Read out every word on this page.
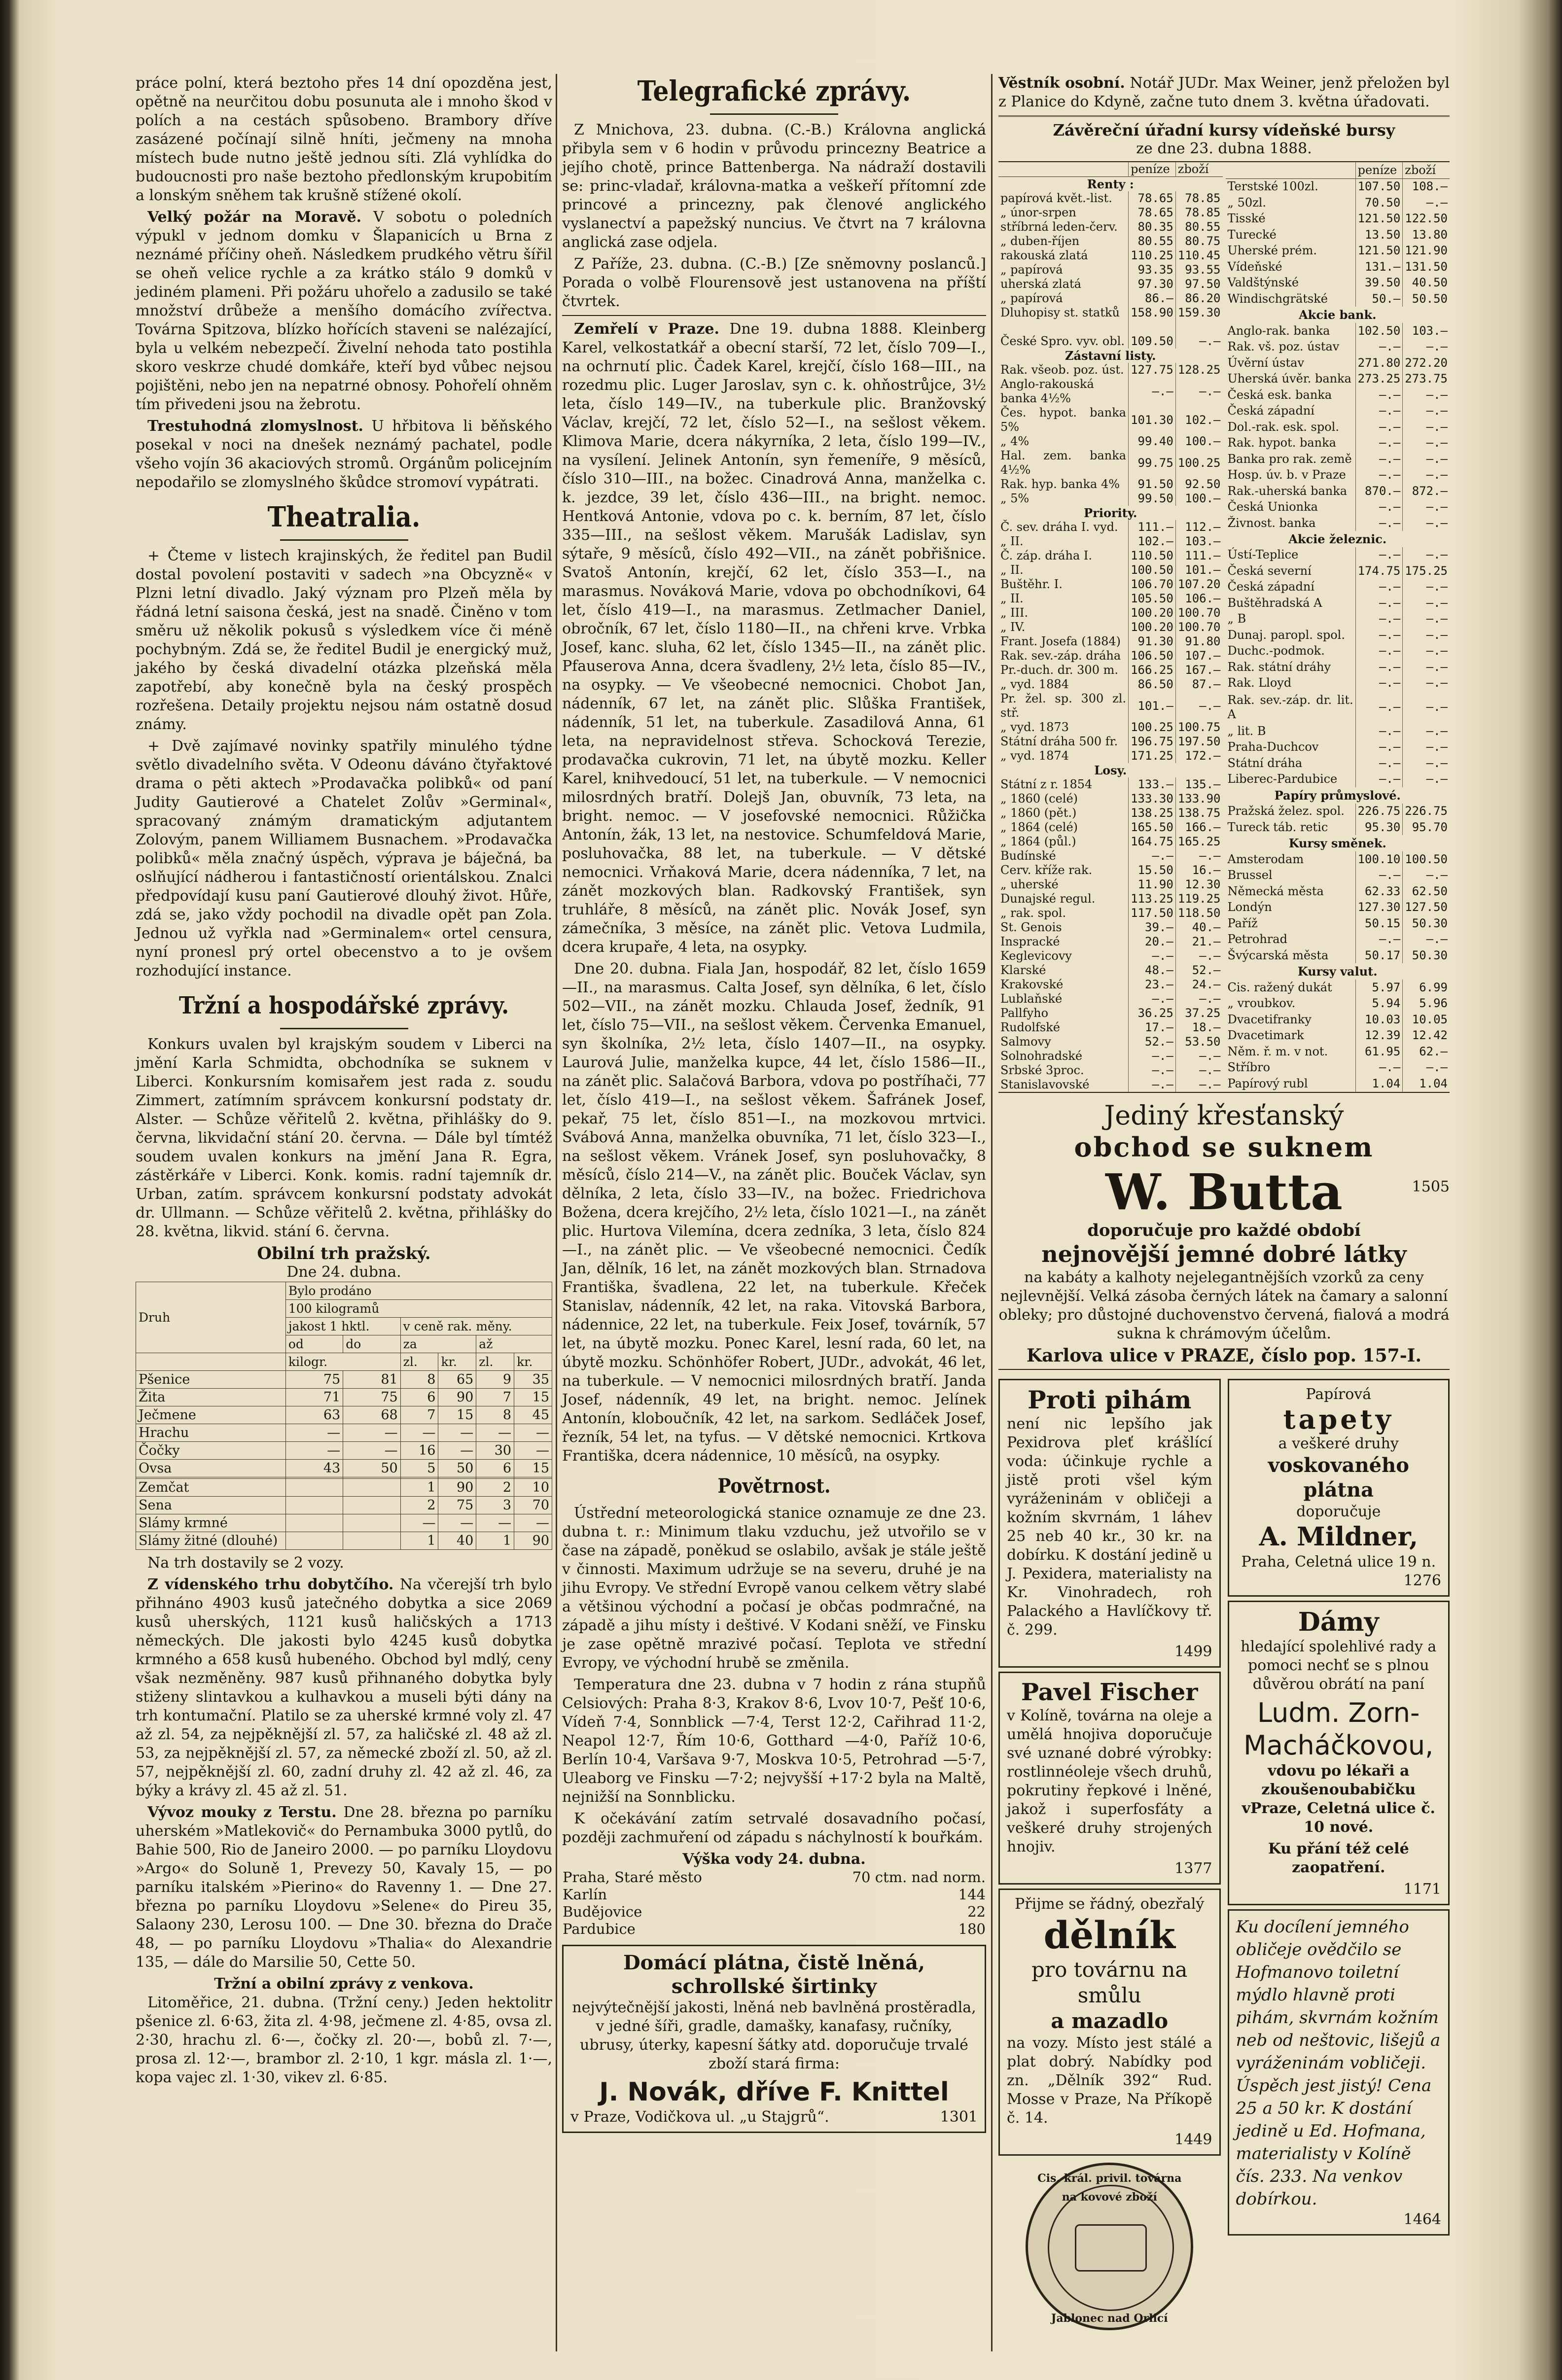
práce polní, která beztoho přes 14 dní opozděna jest, opětně na neurčitou dobu posunuta ale i mnoho škod v polích a na cestách spůsobeno. Brambory dříve zasázené počínají silně hníti, ječmeny na mnoha místech bude nutno ještě jednou síti. Zlá vyhlídka do budoucnosti pro naše beztoho předlonským krupobitím a lonským sněhem tak krušně stížené okolí.

Velký požár na Moravě. V sobotu o poledních výpukl v jednom domku v Šlapanicích u Brna z neznámé příčiny oheň. Následkem prudkého větru šířil se oheň velice rychle a za krátko stálo 9 domků v jediném plameni. Při požáru uhořelo a zadusilo se také množství drůbeže a menšího domácího zvířectva. Továrna Spitzova, blízko hořících staveni se nalézající, byla u velkém nebezpečí. Živelní nehoda tato postihla skoro veskrze chudé domkáře, kteří byd vůbec nejsou pojištěni, nebo jen na nepatrné obnosy. Pohořelí ohněm tím přivedeni jsou na žebrotu.

Trestuhodná zlomyslnost. U hřbitova li běňského posekal v noci na dnešek neznámý pachatel, podle všeho vojín 36 akaciových stromů. Orgánům policejním nepodařilo se zlomyslného škůdce stromoví vypátrati.

Theatralia.

+ Čteme v listech krajinských, že ředitel pan Budil dostal povolení postaviti v sadech »na Obcyzně« v Plzni letní divadlo. Jaký význam pro Plzeň měla by řádná letní saisona česká, jest na snadě. Činěno v tom směru už několik pokusů s výsledkem více či méně pochybným. Zdá se, že ředitel Budil je energický muž, jakého by česká divadelní otázka plzeňská měla zapotřebí, aby konečně byla na český prospěch rozřešena. Detaily projektu nejsou nám ostatně dosud známy.

+ Dvě zajímavé novinky spatřily minulého týdne světlo divadelního světa. V Odeonu dáváno čtyřaktové drama o pěti aktech »Prodavačka polibků« od paní Judity Gautierové a Chatelet Zolův »Germinal«, spracovaný známým dramatickým adjutantem Zolovým, panem Williamem Busnachem. »Prodavačka polibků« měla značný úspěch, výprava je báječná, ba oslňující nádherou i fantastičností orientálskou. Znalci předpovídají kusu paní Gautierové dlouhý život. Hůře, zdá se, jako vždy pochodil na divadle opět pan Zola. Jednou už vyřkla nad »Germinalem« ortel censura, nyní pronesl prý ortel obecenstvo a to je ovšem rozhodující instance.

Tržní a hospodářské zprávy.

Konkurs uvalen byl krajským soudem v Liberci na jmění Karla Schmidta, obchodníka se suknem v Liberci. Konkursním komisařem jest rada z. soudu Zimmert, zatímním správcem konkursní podstaty dr. Alster. — Schůze věřitelů 2. května, přihlášky do 9. června, likvidační stání 20. června. — Dále byl tímtéž soudem uvalen konkurs na jmění Jana R. Egra, zástěrkáře v Liberci. Konk. komis. radní tajemník dr. Urban, zatím. správcem konkursní podstaty advokát dr. Ullmann. — Schůze věřitelů 2. května, přihlášky do 28. května, likvid. stání 6. června.

Obilní trh pražský.
Dne 24. dubna.
Druh	Bylo prodáno					
	100 kilogramů					
	jakost 1 hktl.		v ceně rak. měny.			
	od	do	za		až	
	kilogr.		zl.	kr.	zl.	kr.
Pšenice	75	81	8	65	9	35
Žita	71	75	6	90	7	15
Ječmene	63	68	7	15	8	45
Hrachu	—	—	—	—	—	—
Čočky	—	—	16	—	30	—
Ovsa	43	50	5	50	6	15

Zemčat			1	90	2	10
Sena			2	75	3	70
Slámy krmné			—	—	—	—
Slámy žitné (dlouhé)			1	40	1	90

Na trh dostavily se 2 vozy.

Z vídenského trhu dobytčího. Na včerejší trh bylo přihnáno 4903 kusů jatečného dobytka a sice 2069 kusů uherských, 1121 kusů haličských a 1713 německých. Dle jakosti bylo 4245 kusů dobytka krmného a 658 kusů hubeného. Obchod byl mdlý, ceny však nezměněny. 987 kusů přihnaného dobytka byly stiženy slintavkou a kulhavkou a museli býti dány na trh kontumační. Platilo se za uherské krmné voly zl. 47 až zl. 54, za nejpěknější zl. 57, za haličské zl. 48 až zl. 53, za nejpěknější zl. 57, za německé zboží zl. 50, až zl. 57, nejpěknější zl. 60, zadní druhy zl. 42 až zl. 46, za býky a krávy zl. 45 až zl. 51.

Vývoz mouky z Terstu. Dne 28. března po parníku uherském »Matlekovič« do Pernambuka 3000 pytlů, do Bahie 500, Rio de Janeiro 2000. — po parníku Lloydovu »Argo« do Soluně 1, Prevezy 50, Kavaly 15, — po parníku italském »Pierino« do Ravenny 1. — Dne 27. března po parníku Lloydovu »Selene« do Pireu 35, Salaony 230, Lerosu 100. — Dne 30. března do Drače 48, — po parníku Lloydovu »Thalia« do Alexandrie 135, — dále do Marsilie 50, Cette 50.

Tržní a obilní zprávy z venkova.

Litoměřice, 21. dubna. (Tržní ceny.) Jeden hektolitr pšenice zl. 6·63, žita zl. 4·98, ječmene zl. 4·85, ovsa zl. 2·30, hrachu zl. 6·—, čočky zl. 20·—, bobů zl. 7·—, prosa zl. 12·—, brambor zl. 2·10, 1 kgr. másla zl. 1·—, kopa vajec zl. 1·30, vikev zl. 6·85.

Telegrafické zprávy.

Z Mnichova, 23. dubna. (C.-B.) Královna anglická přibyla sem v 6 hodin v průvodu princezny Beatrice a jejího chotě, prince Battenberga. Na nádraží dostavili se: princ-vladař, královna-matka a veškeří přítomní zde princové a princezny, pak členové anglického vyslanectví a papežský nuncius. Ve čtvrt na 7 královna anglická zase odjela.

Z Paříže, 23. dubna. (C.-B.) [Ze sněmovny poslanců.] Porada o volbě Flourensově jest ustanovena na příští čtvrtek.

Zemřelí v Praze. Dne 19. dubna 1888. Kleinberg Karel, velkostatkář a obecní starší, 72 let, číslo 709—I., na ochrnutí plic. Čadek Karel, krejčí, číslo 168—III., na rozedmu plic. Luger Jaroslav, syn c. k. ohňostrůjce, 3½ leta, číslo 149—IV., na tuberkule plic. Branžovský Václav, krejčí, 72 let, číslo 52—I., na sešlost věkem. Klimova Marie, dcera nákyrníka, 2 leta, číslo 199—IV., na vysílení. Jelinek Antonín, syn řemeníře, 9 měsíců, číslo 310—III., na božec. Cinadrová Anna, manželka c. k. jezdce, 39 let, číslo 436—III., na bright. nemoc. Hentková Antonie, vdova po c. k. berním, 87 let, číslo 335—III., na sešlost věkem. Marušák Ladislav, syn sýtaře, 9 měsíců, číslo 492—VII., na zánět pobřišnice. Svatoš Antonín, krejčí, 62 let, číslo 353—I., na marasmus. Nováková Marie, vdova po obchodníkovi, 64 let, číslo 419—I., na marasmus. Zetlmacher Daniel, obročník, 67 let, číslo 1180—II., na chřeni krve. Vrbka Josef, kanc. sluha, 62 let, číslo 1345—II., na zánět plic. Pfauserova Anna, dcera švadleny, 2½ leta, číslo 85—IV., na osypky. — Ve všeobecné nemocnici. Chobot Jan, nádenník, 67 let, na zánět plic. Slůška František, nádenník, 51 let, na tuberkule. Zasadilová Anna, 61 leta, na nepravidelnost střeva. Schocková Terezie, prodavačka cukrovin, 71 let, na úbytě mozku. Keller Karel, knihvedoucí, 51 let, na tuberkule. — V nemocnici milosrdných bratří. Dolejš Jan, obuvník, 73 leta, na bright. nemoc. — V josefovské nemocnici. Růžička Antonín, žák, 13 let, na nestovice. Schumfeldová Marie, posluhovačka, 88 let, na tuberkule. — V dětské nemocnici. Vrňaková Marie, dcera nádenníka, 7 let, na zánět mozkových blan. Radkovský František, syn truhláře, 8 měsíců, na zánět plic. Novák Josef, syn zámečníka, 3 měsíce, na zánět plic. Vetova Ludmila, dcera krupaře, 4 leta, na osypky.

Dne 20. dubna. Fiala Jan, hospodář, 82 let, číslo 1659—II., na marasmus. Calta Josef, syn dělníka, 6 let, číslo 502—VII., na zánět mozku. Chlauda Josef, žedník, 91 let, číslo 75—VII., na sešlost věkem. Červenka Emanuel, syn školníka, 2½ leta, číslo 1407—II., na osypky. Laurová Julie, manželka kupce, 44 let, číslo 1586—II., na zánět plic. Salačová Barbora, vdova po postříhači, 77 let, číslo 419—I., na sešlost věkem. Šafránek Josef, pekař, 75 let, číslo 851—I., na mozkovou mrtvici. Svábová Anna, manželka obuvníka, 71 let, číslo 323—I., na sešlost věkem. Vránek Josef, syn posluhovačky, 8 měsíců, číslo 214—V., na zánět plic. Bouček Václav, syn dělníka, 2 leta, číslo 33—IV., na božec. Friedrichova Božena, dcera krejčího, 2½ leta, číslo 1021—I., na zánět plic. Hurtova Vilemína, dcera zedníka, 3 leta, číslo 824—I., na zánět plic. — Ve všeobecné nemocnici. Čedík Jan, dělník, 16 let, na zánět mozkových blan. Strnadova Františka, švadlena, 22 let, na tuberkule. Křeček Stanislav, nádenník, 42 let, na raka. Vitovská Barbora, nádennice, 22 let, na tuberkule. Feix Josef, továrník, 57 let, na úbytě mozku. Ponec Karel, lesní rada, 60 let, na úbytě mozku. Schönhöfer Robert, JUDr., advokát, 46 let, na tuberkule. — V nemocnici milosrdných bratří. Janda Josef, nádenník, 49 let, na bright. nemoc. Jelínek Antonín, kloboučník, 42 let, na sarkom. Sedláček Josef, řezník, 54 let, na tyfus. — V dětské nemocnici. Krtkova Františka, dcera nádennice, 10 měsíců, na osypky.

Povětrnost.

Ústřední meteorologická stanice oznamuje ze dne 23. dubna t. r.: Minimum tlaku vzduchu, jež utvořilo se v čase na západě, poněkud se oslabilo, avšak je stále ještě v činnosti. Maximum udržuje se na severu, druhé je na jihu Evropy. Ve střední Evropě vanou celkem větry slabé a většinou východní a počasí je občas podmračné, na západě a jihu místy i deštivé. V Kodani sněží, ve Finsku je zase opětně mrazivé počasí. Teplota ve střední Evropy, ve východní hrubě se změnila.

Temperatura dne 23. dubna v 7 hodin z rána stupňů Celsiových: Praha 8·3, Krakov 8·6, Lvov 10·7, Pešť 10·6, Vídeň 7·4, Sonnblick —7·4, Terst 12·2, Cařihrad 11·2, Neapol 12·7, Řím 10·6, Gotthard —4·0, Paříž 10·6, Berlín 10·4, Varšava 9·7, Moskva 10·5, Petrohrad —5·7, Uleaborg ve Finsku —7·2; nejvyšší +17·2 byla na Maltě, nejnižší na Sonnblicku.

K očekávání zatím setrvalé dosavadního počasí, později zachmuření od západu s náchylností k bouřkám.

Výška vody 24. dubna.
Praha, Staré město	70 ctm. nad norm.
Karlín	144
Budějovice	22
Pardubice	180
Domácí plátna, čistě lněná, schrollské širtinky

nejvýtečnější jakosti, lněná neb bavlněná prostěradla, v jedné šíři, gradle, damašky, kanafasy, ručníky, ubrusy, úterky, kapesní šátky atd. doporučuje trvalé zboží stará firma:

J. Novák, dříve F. Knittel
v Praze, Vodičkova ul. „u Stajgrů“.	1301

Věstník osobní. Notář JUDr. Max Weiner, jenž přeložen byl z Planice do Kdyně, začne tuto dnem 3. května úřadovati.

Závěreční úřadní kursy vídeňské bursy
ze dne 23. dubna 1888.
	peníze	zboží
Renty :		
papírová květ.-list.	78.65	78.85
„ únor-srpen	78.65	78.85
stříbrná leden-červ.	80.35	80.55
„ duben-říjen	80.55	80.75
rakouská zlatá	110.25	110.45
„ papírová	93.35	93.55
uherská zlatá	97.30	97.50
„ papírová	86.—	86.20
Dluhopisy st. statků	158.90	159.30

České Spro. vyv. obl.	109.50	—.—
Zástavní listy.		
Rak. všeob. poz. úst.	127.75	128.25
Anglo-rakouská banka 4½%	—.—	—.—
Čes. hypot. banka 5%	101.30	102.—
„ 4%	99.40	100.—
Hal. zem. banka 4½%	99.75	100.25
Rak. hyp. banka 4%	91.50	92.50
„ 5%	99.50	100.—
Priority.		
Č. sev. dráha I. vyd.	111.—	112.—
„ II.	102.—	103.—
Č. záp. dráha I.	110.50	111.—
„ II.	100.50	101.—
Buštěhr. I.	106.70	107.20
„ II.	105.50	106.—
„ III.	100.20	100.70
„ IV.	100.20	100.70
Frant. Josefa (1884)	91.30	91.80
Rak. sev.-záp. dráha	106.50	107.—
Pr.-duch. dr. 300 m.	166.25	167.—
„ vyd. 1884	86.50	87.—
Pr. žel. sp. 300 zl. stř.	101.—	—.—
„ vyd. 1873	100.25	100.75
Státní dráha 500 fr.	196.75	197.50
„ vyd. 1874	171.25	172.—
Losy.		
Státní z r. 1854	133.—	135.—
„ 1860 (celé)	133.30	133.90
„ 1860 (pět.)	138.25	138.75
„ 1864 (celé)	165.50	166.—
„ 1864 (půl.)	164.75	165.25
Budínské	—.—	—.—
Cerv. kříže rak.	15.50	16.—
„ uherské	11.90	12.30
Dunajské regul.	113.25	119.25
„ rak. spol.	117.50	118.50
St. Genois	39.—	40.—
Inspracké	20.—	21.—
Keglevicovy	—.—	—.—
Klarské	48.—	52.—
Krakovské	23.—	24.—
Lublaňské	—.—	—.—
Pallfyho	36.25	37.25
Rudolfské	17.—	18.—
Salmovy	52.—	53.50
Solnohradské	—.—	—.—
Srbské 3proc.	—.—	—.—
Stanislavovské	—.—	—.—
	peníze	zboží
Terstské 100zl.	107.50	108.—
„ 50zl.	70.50	—.—
Tisské	121.50	122.50
Turecké	13.50	13.80
Uherské prém.	121.50	121.90
Vídeňské	131.—	131.50
Valdštýnské	39.50	40.50
Windischgrätské	50.—	50.50
Akcie bank.		
Anglo-rak. banka	102.50	103.—
Rak. vš. poz. ústav	—.—	—.—
Úvěrní ústav	271.80	272.20
Uherská úvěr. banka	273.25	273.75
Česká esk. banka	—.—	—.—
Česká západní	—.—	—.—
Dol.-rak. esk. spol.	—.—	—.—
Rak. hypot. banka	—.—	—.—
Banka pro rak. země	—.—	—.—
Hosp. úv. b. v Praze	—.—	—.—
Rak.-uherská banka	870.—	872.—
Česká Unionka	—.—	—.—
Živnost. banka	—.—	—.—
Akcie železnic.		
Ústí-Teplice	—.—	—.—
Česká severní	174.75	175.25
Česká západní	—.—	—.—
Buštěhradská A	—.—	—.—
„ B	—.—	—.—
Dunaj. paropl. spol.	—.—	—.—
Duchc.-podmok.	—.—	—.—
Rak. státní dráhy	—.—	—.—
Rak. Lloyd	—.—	—.—
Rak. sev.-záp. dr. lit. A	—.—	—.—
„ lit. B	—.—	—.—
Praha-Duchcov	—.—	—.—
Státní dráha	—.—	—.—
Liberec-Pardubice	—.—	—.—
Papíry průmyslové.		
Pražská želez. spol.	226.75	226.75
Tureck táb. retic	95.30	95.70
Kursy směnek.		
Amsterodam	100.10	100.50
Brussel	—.—	—.—
Německá města	62.33	62.50
Londýn	127.30	127.50
Paříž	50.15	50.30
Petrohrad	—.—	—.—
Švýcarská města	50.17	50.30
Kursy valut.		
Cis. ražený dukát	5.97	6.99
„ vroubkov.	5.94	5.96
Dvacetifranky	10.03	10.05
Dvacetimark	12.39	12.42
Něm. ř. m. v not.	61.95	62.—
Stříbro	—.—	—.—
Papírový rubl	1.04	1.04
Jediný křesťanský
obchod se suknem
W. Butta	1505
doporučuje pro každé období
nejnovější jemné dobré látky

na kabáty a kalhoty nejelegantnějších vzorků za ceny nejlevnější. Velká zásoba černých látek na čamary a salonní obleky; pro důstojné duchovenstvo červená, fialová a modrá sukna k chrámovým účelům.

Karlova ulice v PRAZE, číslo pop. 157-I.
Proti pihám

není nic lepšího jak Pexidrova pleť krášlící voda: účinkuje rychle a jistě proti všel kým vyráženinám v obličeji a kožním skvrnám, 1 láhev 25 neb 40 kr., 30 kr. na dobírku. K dostání jedině u J. Pexidera, materialisty na Kr. Vinohradech, roh Palackého a Havlíčkovy tř. č. 299.

1499
Pavel Fischer

v Kolíně, továrna na oleje a umělá hnojiva doporučuje své uznané dobré výrobky: rostlinnéoleje všech druhů, pokrutiny řepkové i lněné, jakož i superfosfáty a veškeré druhy strojených hnojiv.

1377
Přijme se řádný, obezřalý
dělník
pro továrnu na smůlu
a mazadlo

na vozy. Místo jest stálé a plat dobrý. Nabídky pod zn. „Dělník 392“ Rud. Mosse v Praze, Na Příkopě č. 14.

1449
Cis. král. privil. továrna na kovové zboží
Jablonec nad Orlicí
Papírová
tapety
a veškeré druhy
voskovaného plátna
doporučuje
A. Mildner,
Praha, Celetná ulice 19 n.
1276
Dámy

hledající spolehlivé rady a pomoci nechť se s plnou důvěrou obrátí na paní

Ludm. Zorn-Macháčkovou,

vdovu po lékaři a zkoušenoubabičku vPraze, Celetná ulice č. 10 nové.

Ku přání též celé zaopatření.

1171
Ku docílení jemného obličeje ovědčilo se Hofmanovo toiletní mýdlo hlavně proti pihám, skvrnám kožním neb od neštovic, lišejů a vyráženinám vobličeji. Úspěch jest jistý! Cena 25 a 50 kr. K dostání jedině u Ed. Hofmana, materialisty v Kolíně čís. 233. Na venkov dobírkou.
1464
